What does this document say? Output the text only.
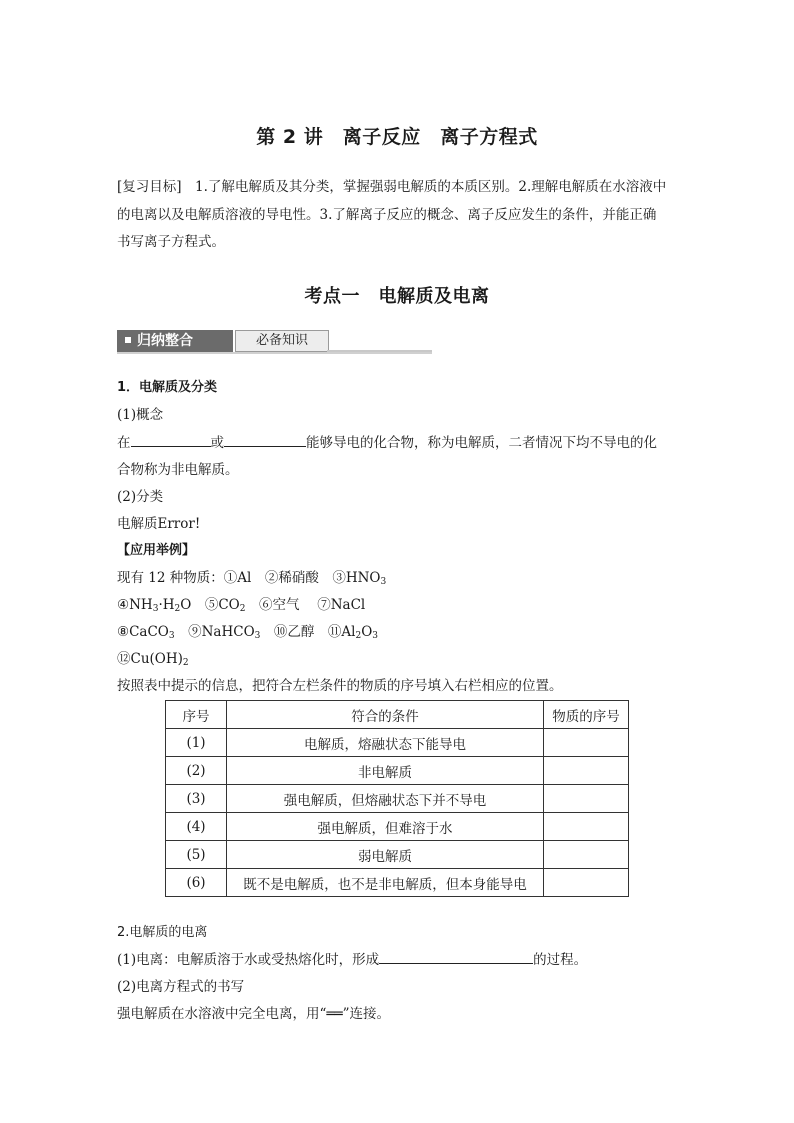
第 2 讲　离子反应　离子方程式
[复习目标]　1.了解电解质及其分类，掌握强弱电解质的本质区别。2.理解电解质在水溶液中
的电离以及电解质溶液的导电性。3.了解离子反应的概念、离子反应发生的条件，并能正确
书写离子方程式。
考点一　电解质及电离
归纳整合	必备知识
1．电解质及分类
(1)概念
在	或	能够导电的化合物，称为电解质，二者情况下均不导电的化
合物称为非电解质。
(2)分类
电解质Error!
【应用举例】
现有 12 种物质：①Al　②稀硝酸　$③HNO_3$
$④NH_3\cdot H_2O$　$⑤CO_2$　⑥空气　 ⑦NaCl
⑧CaCO$_3$　⑨NaHCO$_3$　⑩乙醇　$⑪Al_2O_3$
$⑫Cu(OH)_2$
按照表中提示的信息，把符合左栏条件的物质的序号填入右栏相应的位置。
序号	符合的条件	物质的序号
(1)	电解质，熔融状态下能导电	
(2)	非电解质	
(3)	强电解质，但熔融状态下并不导电	
(4)	强电解质，但难溶于水	
(5)	弱电解质	
(6)	既不是电解质，也不是非电解质，但本身能导电	
2.电解质的电离
(1)电离：电解质溶于水或受热熔化时，形成	的过程。
(2)电离方程式的书写
强电解质在水溶液中完全电离，用“══”连接。
